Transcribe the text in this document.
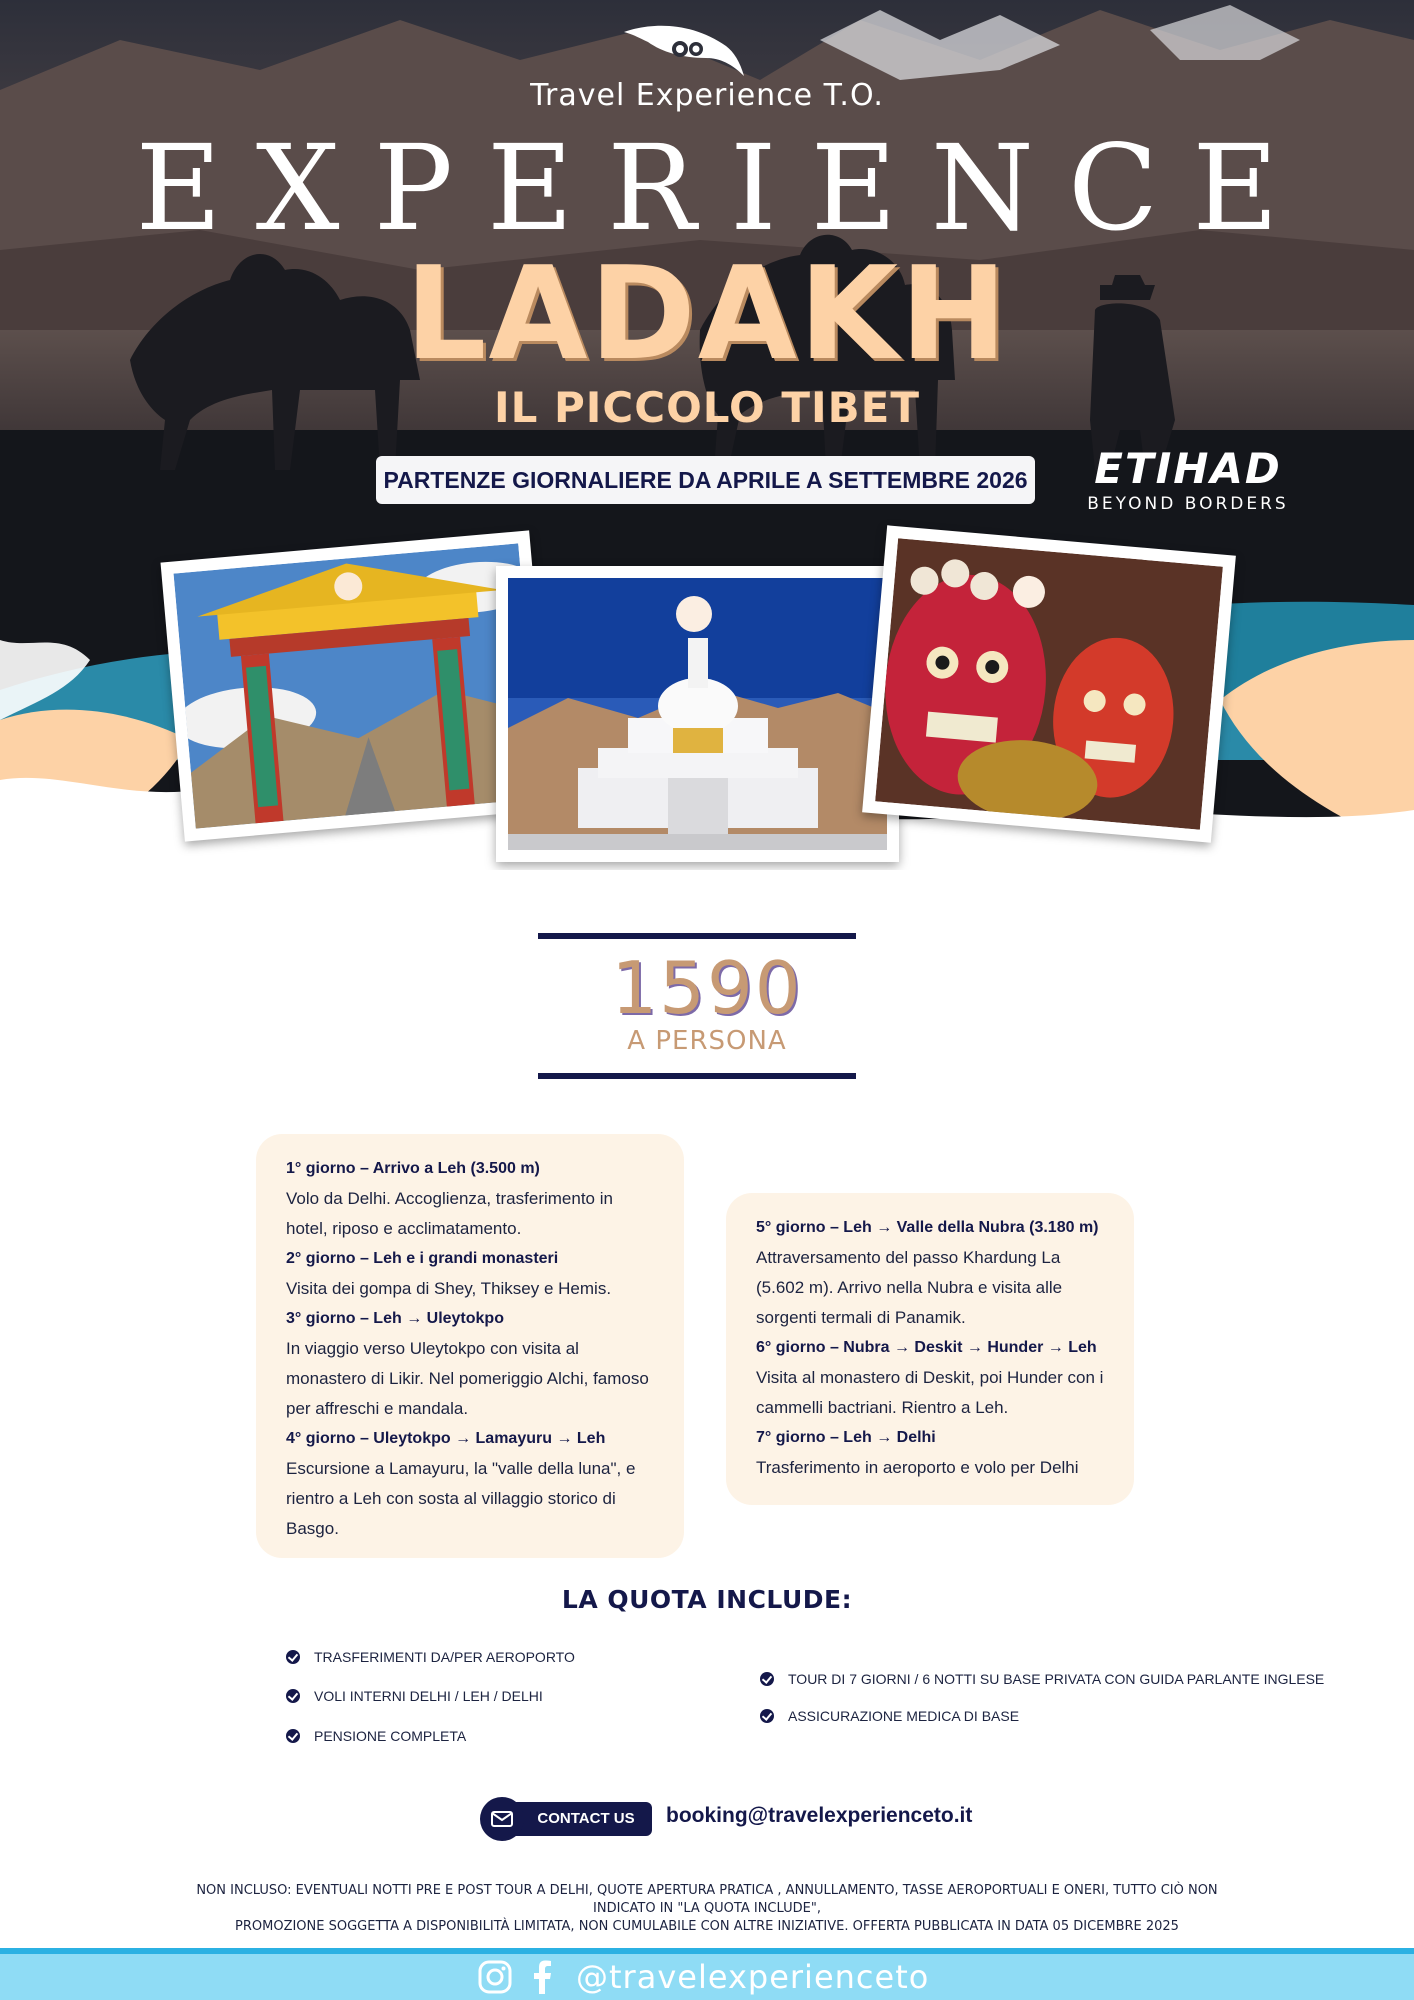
Travel Experience T.O.
EXPERIENCE
LADAKH
IL PICCOLO TIBET
PARTENZE GIORNALIERE DA APRILE A SETTEMBRE 2026 ETIHAD
BEYOND BORDERS
1590
A PERSONA
1° giorno – Arrivo a Leh (3.500 m)
Volo da Delhi. Accoglienza, trasferimento in hotel, riposo e acclimatamento.
2° giorno – Leh e i grandi monasteri
Visita dei gompa di Shey, Thiksey e Hemis.
3° giorno – Leh → Uleytokpo
In viaggio verso Uleytokpo con visita al monastero di Likir. Nel pomeriggio Alchi, famoso per affreschi e mandala.
4° giorno – Uleytokpo → Lamayuru → Leh
Escursione a Lamayuru, la "valle della luna", e rientro a Leh con sosta al villaggio storico di Basgo.
5° giorno – Leh → Valle della Nubra (3.180 m)
Attraversamento del passo Khardung La (5.602 m). Arrivo nella Nubra e visita alle sorgenti termali di Panamik.
6° giorno – Nubra → Deskit → Hunder → Leh
Visita al monastero di Deskit, poi Hunder con i cammelli bactriani. Rientro a Leh.
7° giorno – Leh → Delhi
Trasferimento in aeroporto e volo per Delhi
LA QUOTA INCLUDE:
TRASFERIMENTI DA/PER AEROPORTO
VOLI INTERNI DELHI / LEH / DELHI
PENSIONE COMPLETA
TOUR DI 7 GIORNI / 6 NOTTI SU BASE PRIVATA CON GUIDA PARLANTE INGLESE
ASSICURAZIONE MEDICA DI BASE
CONTACT US	booking@travelexperienceto.it
NON INCLUSO: EVENTUALI NOTTI PRE E POST TOUR A DELHI, QUOTE APERTURA PRATICA , ANNULLAMENTO, TASSE AEROPORTUALI E ONERI, TUTTO CIÒ NON
INDICATO IN "LA QUOTA INCLUDE",
PROMOZIONE SOGGETTA A DISPONIBILITÀ LIMITATA, NON CUMULABILE CON ALTRE INIZIATIVE. OFFERTA PUBBLICATA IN DATA 05 DICEMBRE 2025
@travelexperienceto
